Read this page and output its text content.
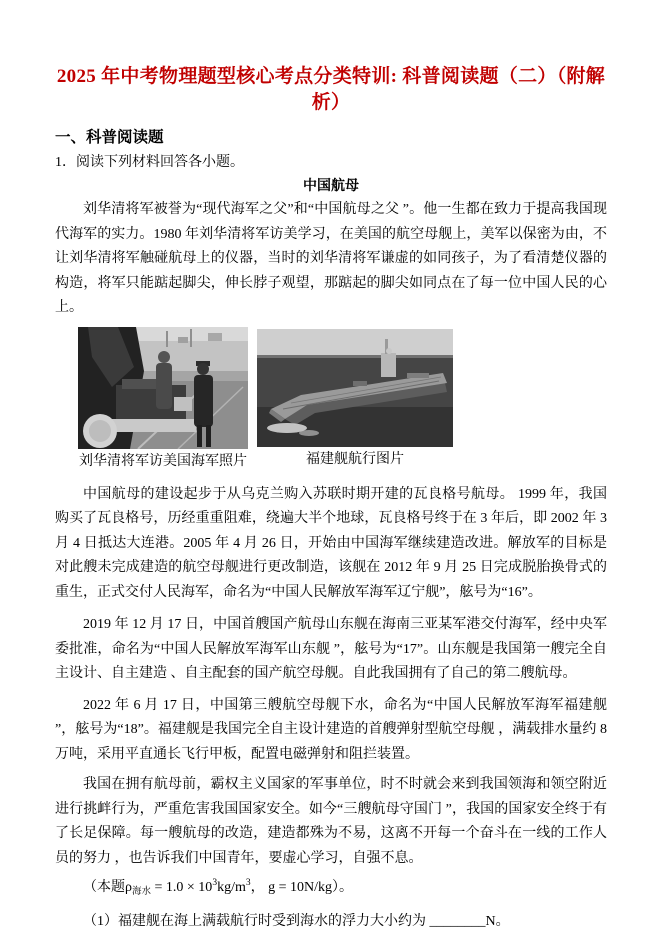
2025 年中考物理题型核心考点分类特训: 科普阅读题（二）（附解析）
一、科普阅读题

1．阅读下列材料回答各小题。

中国航母

刘华清将军被誉为“现代海军之父”和“中国航母之父 ”。他一生都在致力于提高我国现代海军的实力。1980 年刘华清将军访美学习，在美国的航空母舰上，美军以保密为由，不让刘华清将军触碰航母上的仪器，当时的刘华清将军谦虚的如同孩子，为了看清楚仪器的构造，将军只能踮起脚尖，伸长脖子观望，那踮起的脚尖如同点在了每一位中国人民的心上。

刘华清将军访美国海军照片	福建舰航行图片

中国航母的建设起步于从乌克兰购入苏联时期开建的瓦良格号航母。 1999 年，我国购买了瓦良格号，历经重重阻难，绕遍大半个地球，瓦良格号终于在 3 年后，即 2002 年 3 月 4 日抵达大连港。2005 年 4 月 26 日，开始由中国海军继续建造改进。解放军的目标是对此艘未完成建造的航空母舰进行更改制造，该舰在 2012 年 9 月 25 日完成脱胎换骨式的重生，正式交付人民海军，命名为“中国人民解放军海军辽宁舰”，舷号为“16”。

2019 年 12 月 17 日，中国首艘国产航母山东舰在海南三亚某军港交付海军，经中央军委批准，命名为“中国人民解放军海军山东舰 ”，舷号为“17”。山东舰是我国第一艘完全自主设计、自主建造 、自主配套的国产航空母舰。自此我国拥有了自己的第二艘航母。

2022 年 6 月 17 日，中国第三艘航空母舰下水，命名为“中国人民解放军海军福建舰 ”，舷号为“18”。福建舰是我国完全自主设计建造的首艘弹射型航空母舰 ，满载排水量约 8 万吨，采用平直通长飞行甲板，配置电磁弹射和阻拦装置。

我国在拥有航母前，霸权主义国家的军事单位，时不时就会来到我国领海和领空附近进行挑衅行为，严重危害我国国家安全。如今“三艘航母守国门 ”，我国的国家安全终于有了长足保障。每一艘航母的改造，建造都殊为不易，这离不开每一个奋斗在一线的工作人员的努力 ，也告诉我们中国青年，要虚心学习，自强不息。

（本题$\rho_{海水} = 1.0 \times 10^3kg/m^3$， g = 10N/kg）。

（1）福建舰在海上满载航行时受到海水的浮力大小约为 ________N。
